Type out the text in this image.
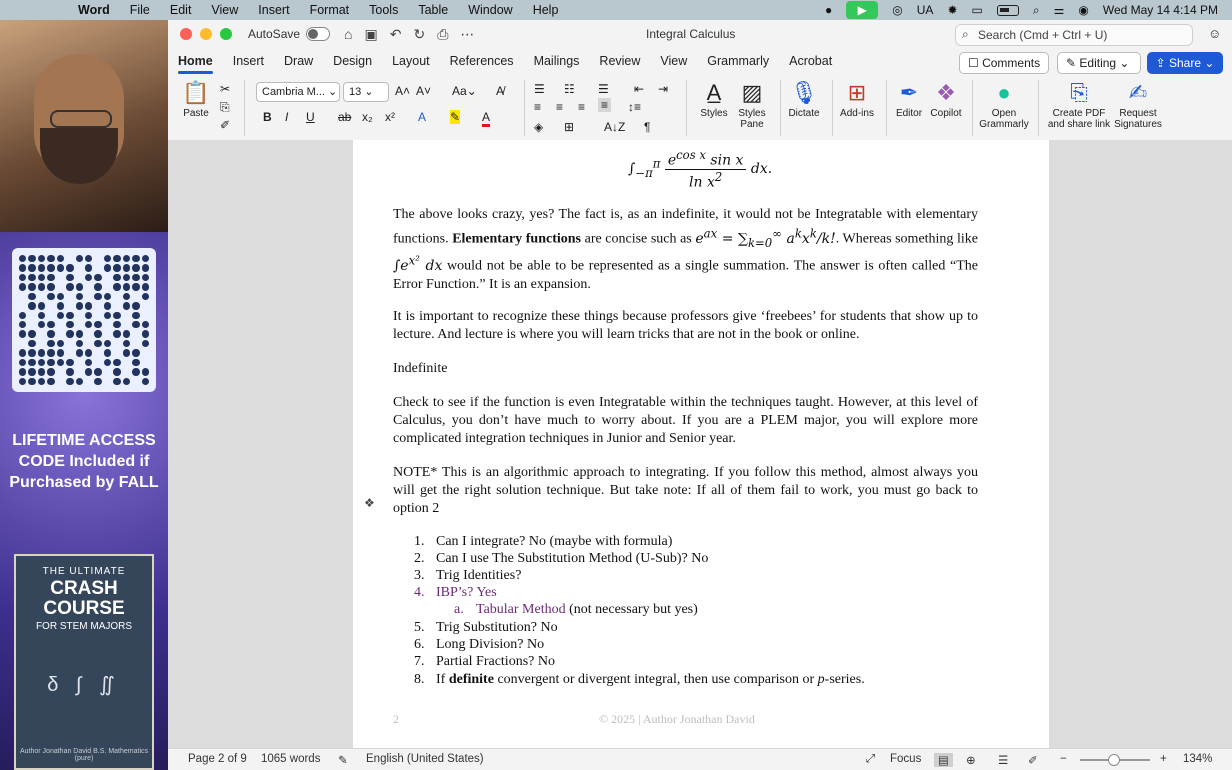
Word File Edit View Insert Format Tools Table Window Help	●	▶	◎ UA ✹ ▭	⌕ ⚌ ◉ Wed May 14 4:14 PM
LIFETIME ACCESS CODE Included if Purchased by FALL
THE ULTIMATE
CRASH COURSE
FOR STEM MAJORS
δ ∫ ∬
Author Jonathan David B.S. Mathematics (pure)
AutoSave	⌂ ▣ ↶ ↻ ⎙ ⋯	Integral Calculus	⌕ Search (Cmd + Ctrl + U)	☺
Home Insert Draw Design Layout References Mailings Review View Grammarly Acrobat	☐ Comments	✎ Editing ⌄	⇪ Share ⌄
📋
Paste
✂
⎘
✐
Cambria M... ⌄	13 ⌄	A˄ A˅ Aa⌄ A̸
B I U ab x₂ x² A ✎ A
☰ ☷ ☰ ⇤ ⇥
≡ ≡ ≡ ≡ ↕≡
◈ ⊞ A↓Z ¶
A̲
Styles
▨
Styles Pane
🎙
Dictate
⊞
Add-ins
✒
Editor
❖
Copilot
●
Open Grammarly
⎘
Create PDF and share link
✍
Request Signatures
$\int_{-\pi}^\pi \frac{e^{cos x} \sin x}{\ln x^2}$ dx.
The above looks crazy, yes? The fact is, as an indefinite, it would not be Integratable with elementary functions. Elementary functions are concise such as $e^{ax} = \sum_{k=0}^\infty$ $a^kx^k/k$!. Whereas something like $\int e^{x^2}$ dx would not be able to be represented as a single summation. The answer is often called “The Error Function.” It is an expansion.
It is important to recognize these things because professors give ‘freebees’ for students that show up to lecture. And lecture is where you will learn tricks that are not in the book or online.
Indefinite
Check to see if the function is even Integratable within the techniques taught. However, at this level of Calculus, you don’t have much to worry about. If you are a PLEM major, you will explore more complicated integration techniques in Junior and Senior year.
NOTE* This is an algorithmic approach to integrating. If you follow this method, almost always you will get the right solution technique. But take note: If all of them fail to work, you must go back to option 2
1. Can I integrate? No (maybe with formula)
2. Can I use The Substitution Method (U-Sub)? No
3. Trig Identities?
4. IBP’s? Yes
a. Tabular Method (not necessary but yes)
5. Trig Substitution? No
6. Long Division? No
7. Partial Fractions? No
8. If definite convergent or divergent integral, then use comparison or p-series.
2	© 2025 | Author Jonathan David
❖
Page 2 of 9 1065 words ✎ English (United States)	⤢ Focus	▤	⊕ ☰ ✐ −	+ 134%
